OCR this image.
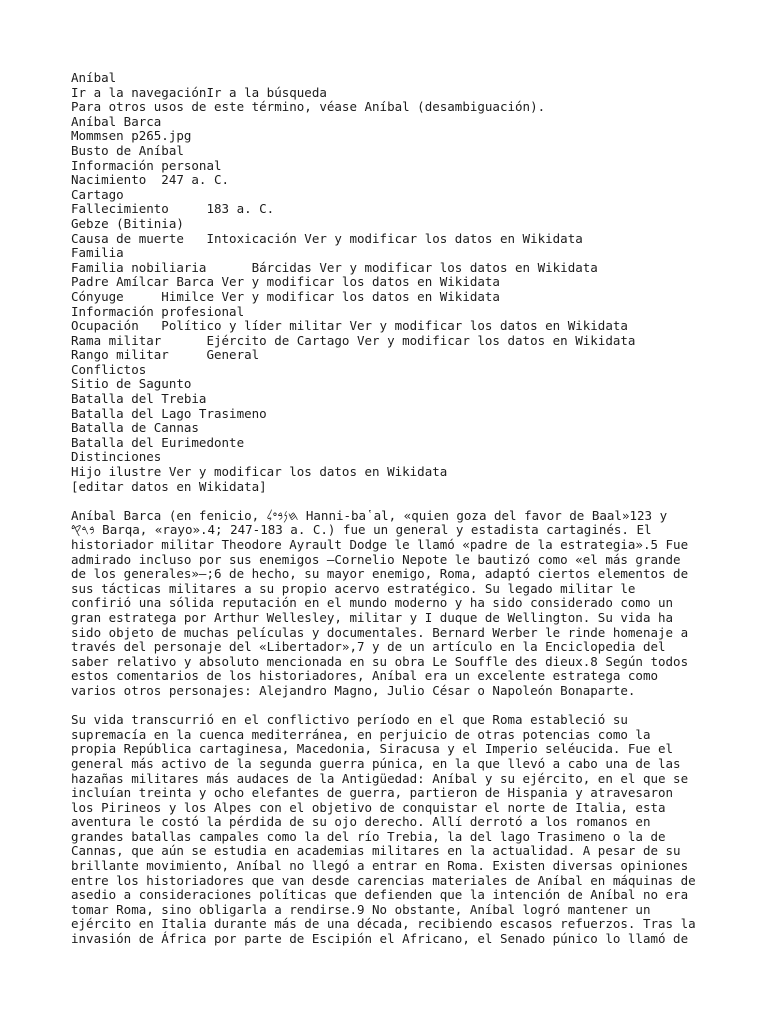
Aníbal
Ir a la navegaciónIr a la búsqueda
Para otros usos de este término, véase Aníbal (desambiguación).
Aníbal Barca
Mommsen p265.jpg
Busto de Aníbal
Información personal
Nacimiento  247 a. C.
Cartago
Fallecimiento     183 a. C.
Gebze (Bitinia)
Causa de muerte   Intoxicación Ver y modificar los datos en Wikidata
Familia
Familia nobiliaria      Bárcidas Ver y modificar los datos en Wikidata
Padre Amílcar Barca Ver y modificar los datos en Wikidata
Cónyuge     Himilce Ver y modificar los datos en Wikidata
Información profesional
Ocupación   Político y líder militar Ver y modificar los datos en Wikidata
Rama militar      Ejército de Cartago Ver y modificar los datos en Wikidata
Rango militar     General
Conflictos
Sitio de Sagunto
Batalla del Trebia
Batalla del Lago Trasimeno
Batalla de Cannas
Batalla del Eurimedonte
Distinciones
Hijo ilustre Ver y modificar los datos en Wikidata
[editar datos en Wikidata]
Aníbal Barca (en fenicio, 𐤇𐤍𐤁𐤏𐤋 Hanni-ba῾al, «quien goza del favor de Baal»123 y
𐤁𐤓𐤒 Barqa, «rayo».4; 247-183 a. C.) fue un general y estadista cartaginés. El
historiador militar Theodore Ayrault Dodge le llamó «padre de la estrategia».5 Fue
admirado incluso por sus enemigos —Cornelio Nepote le bautizó como «el más grande
de los generales»—;6 de hecho, su mayor enemigo, Roma, adaptó ciertos elementos de
sus tácticas militares a su propio acervo estratégico. Su legado militar le
confirió una sólida reputación en el mundo moderno y ha sido considerado como un
gran estratega por Arthur Wellesley, militar y I duque de Wellington. Su vida ha
sido objeto de muchas películas y documentales. Bernard Werber le rinde homenaje a
través del personaje del «Libertador»,7 y de un artículo en la Enciclopedia del
saber relativo y absoluto mencionada en su obra Le Souffle des dieux.8 Según todos
estos comentarios de los historiadores, Aníbal era un excelente estratega como
varios otros personajes: Alejandro Magno, Julio César o Napoleón Bonaparte.
Su vida transcurrió en el conflictivo período en el que Roma estableció su
supremacía en la cuenca mediterránea, en perjuicio de otras potencias como la
propia República cartaginesa, Macedonia, Siracusa y el Imperio seléucida. Fue el
general más activo de la segunda guerra púnica, en la que llevó a cabo una de las
hazañas militares más audaces de la Antigüedad: Aníbal y su ejército, en el que se
incluían treinta y ocho elefantes de guerra, partieron de Hispania y atravesaron
los Pirineos y los Alpes con el objetivo de conquistar el norte de Italia, esta
aventura le costó la pérdida de su ojo derecho. Allí derrotó a los romanos en
grandes batallas campales como la del río Trebia, la del lago Trasimeno o la de
Cannas, que aún se estudia en academias militares en la actualidad. A pesar de su
brillante movimiento, Aníbal no llegó a entrar en Roma. Existen diversas opiniones
entre los historiadores que van desde carencias materiales de Aníbal en máquinas de
asedio a consideraciones políticas que defienden que la intención de Aníbal no era
tomar Roma, sino obligarla a rendirse.9 No obstante, Aníbal logró mantener un
ejército en Italia durante más de una década, recibiendo escasos refuerzos. Tras la
invasión de África por parte de Escipión el Africano, el Senado púnico lo llamó de
